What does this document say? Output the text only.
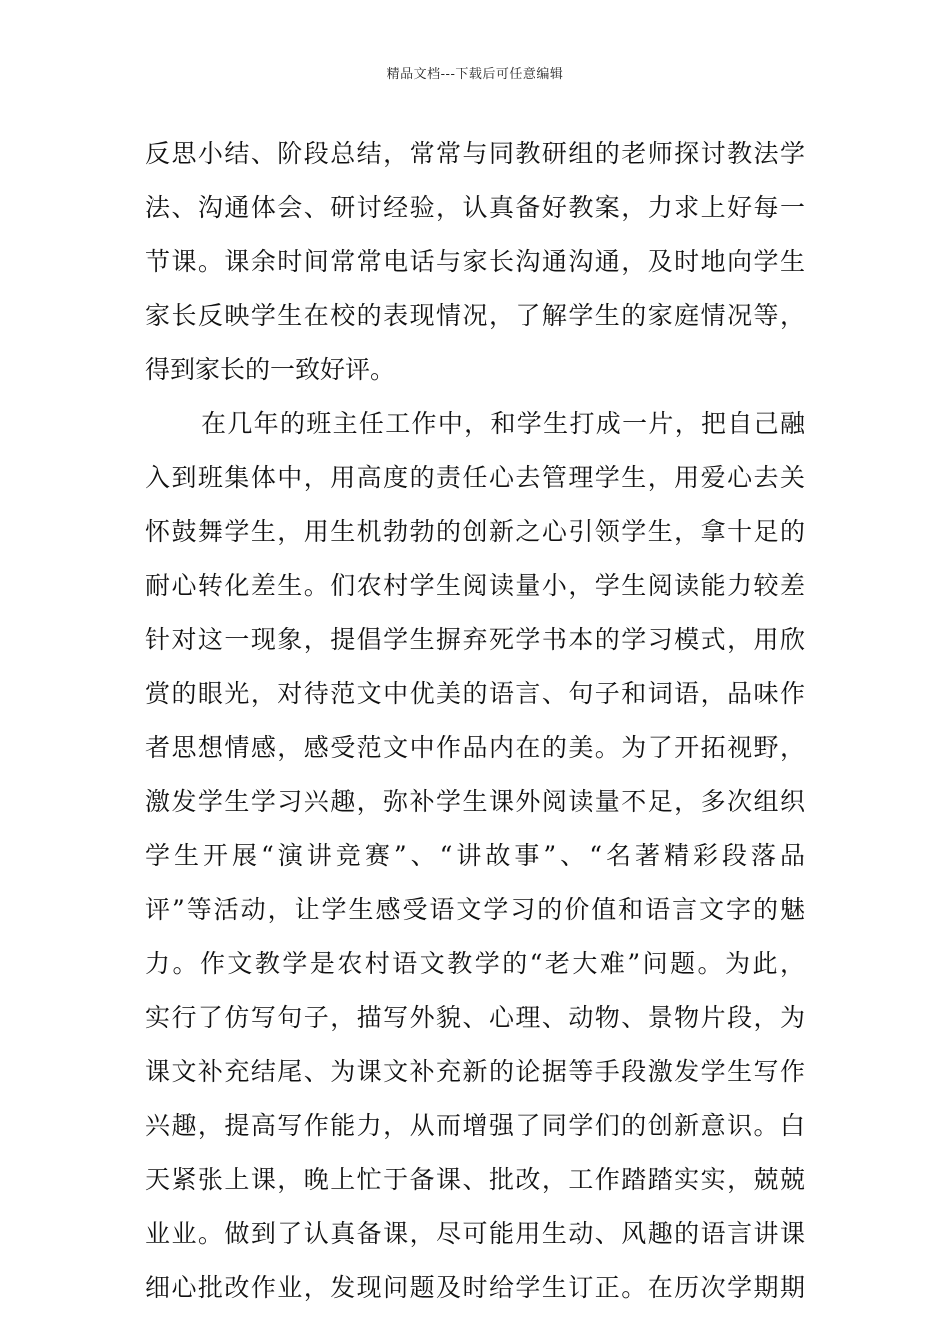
精品文档---下载后可任意编辑
反思小结、阶段总结，常常与同教研组的老师探讨教法学
法、沟通体会、研讨经验，认真备好教案，力求上好每一
节课。课余时间常常电话与家长沟通沟通，及时地向学生
家长反映学生在校的表现情况，了解学生的家庭情况等，
得到家长的一致好评。
在几年的班主任工作中，和学生打成一片，把自己融
入到班集体中，用高度的责任心去管理学生，用爱心去关
怀鼓舞学生，用生机勃勃的创新之心引领学生，拿十足的
耐心转化差生。们农村学生阅读量小，学生阅读能力较差
针对这一现象，提倡学生摒弃死学书本的学习模式，用欣
赏的眼光，对待范文中优美的语言、句子和词语，品味作
者思想情感，感受范文中作品内在的美。为了开拓视野，
激发学生学习兴趣，弥补学生课外阅读量不足，多次组织
学生开展“演讲竞赛”、“讲故事”、“名著精彩段落品
评”等活动，让学生感受语文学习的价值和语言文字的魅
力。作文教学是农村语文教学的“老大难”问题。为此，
实行了仿写句子，描写外貌、心理、动物、景物片段，为
课文补充结尾、为课文补充新的论据等手段激发学生写作
兴趣，提高写作能力，从而增强了同学们的创新意识。白
天紧张上课，晚上忙于备课、批改，工作踏踏实实，兢兢
业业。做到了认真备课，尽可能用生动、风趣的语言讲课
细心批改作业，发现问题及时给学生订正。在历次学期期
